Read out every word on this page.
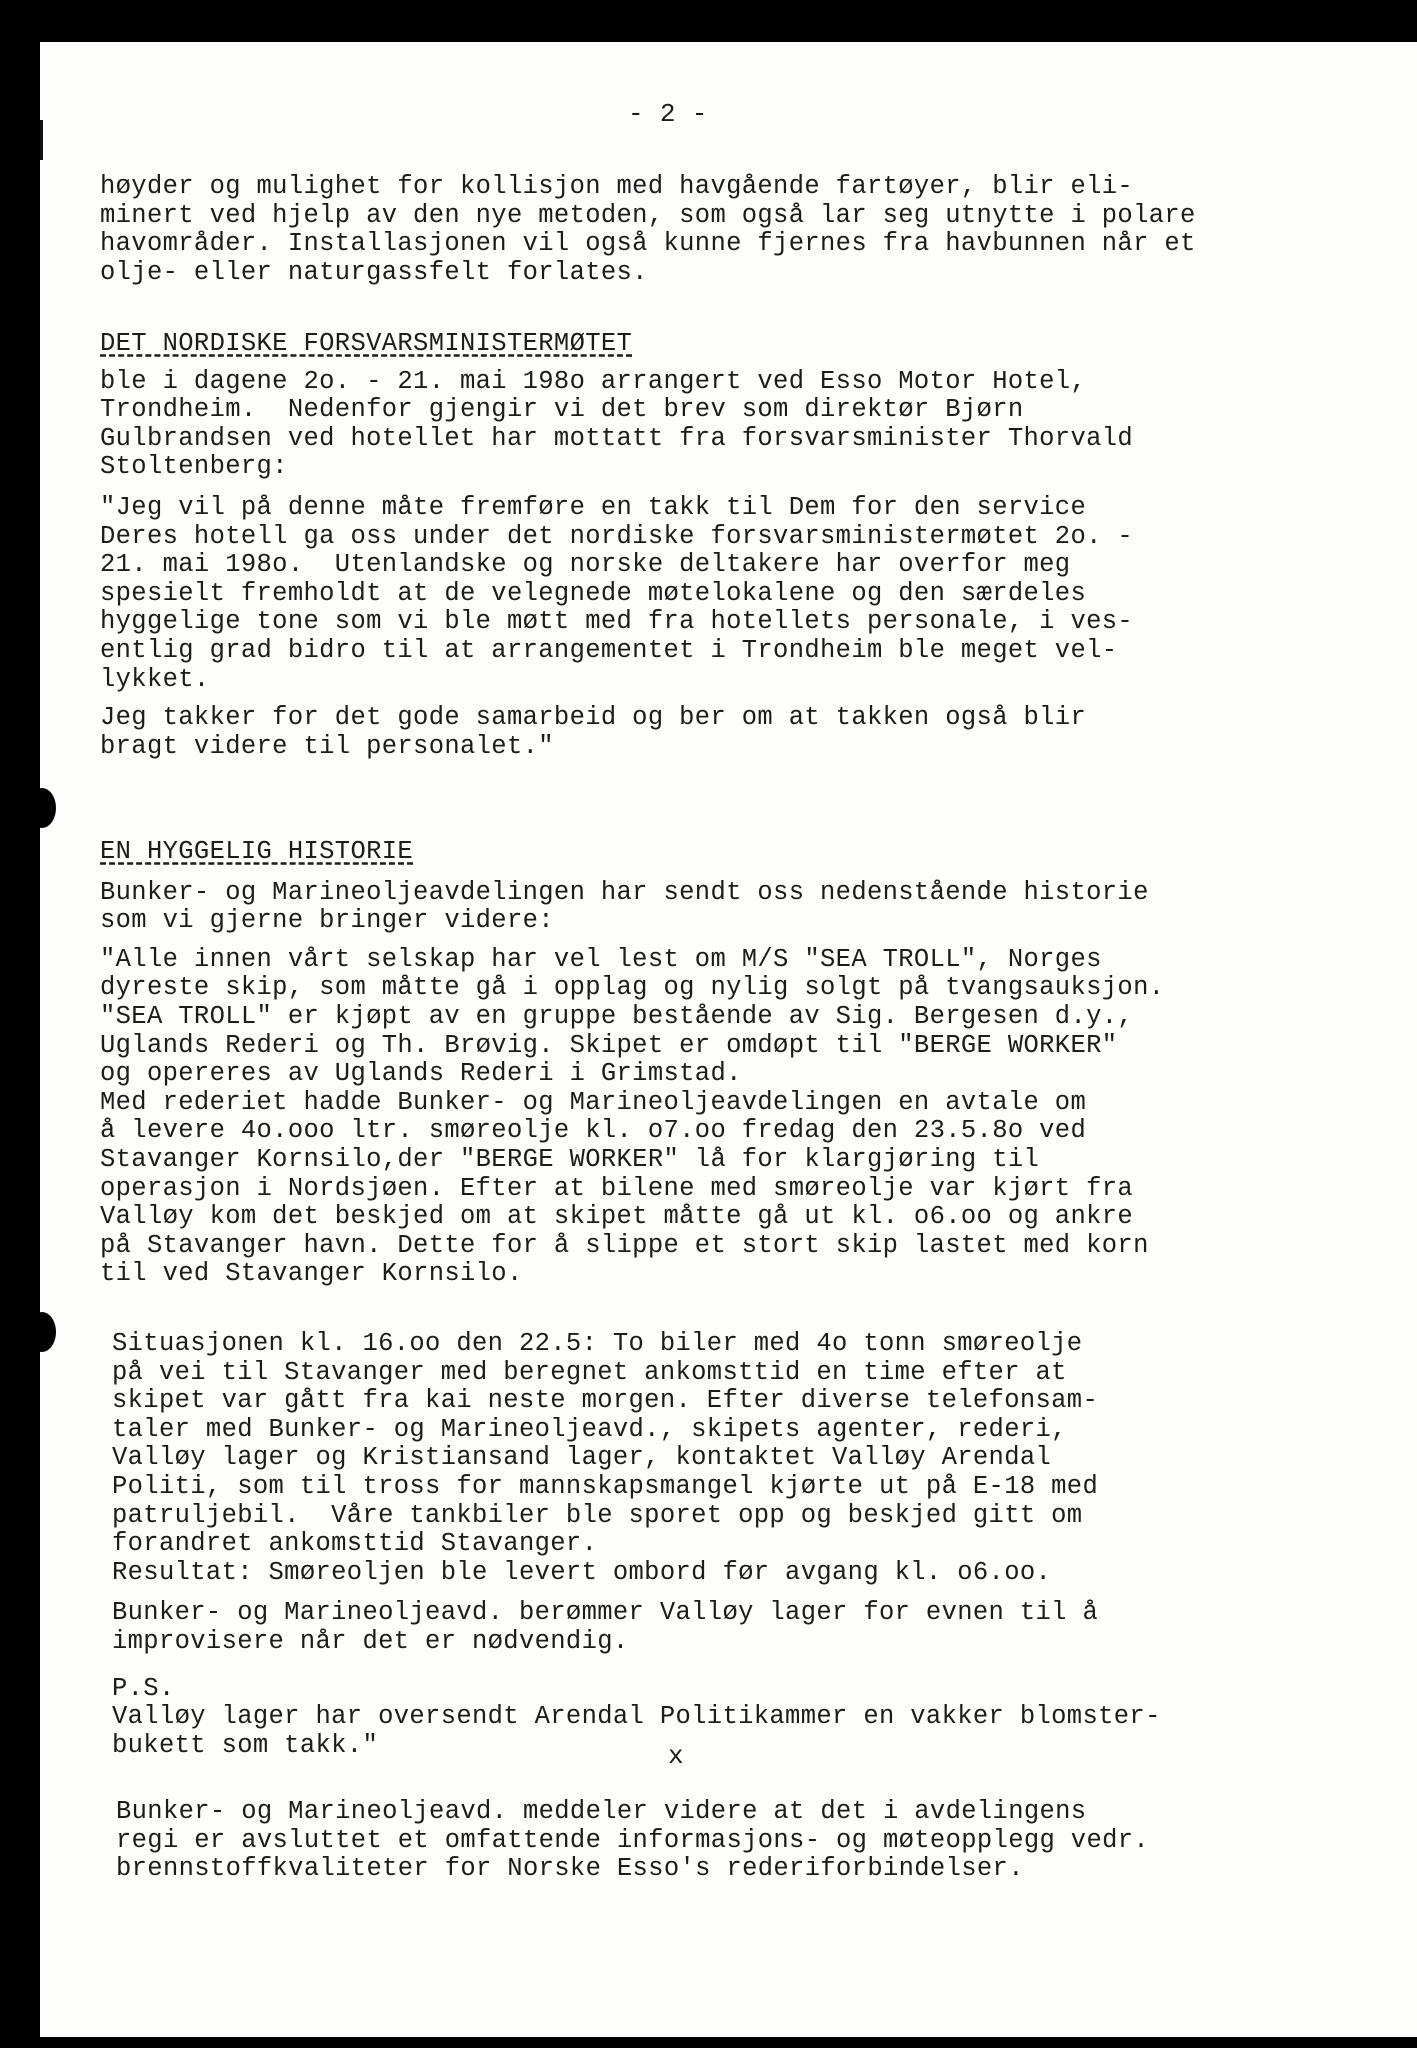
- 2 -
høyder og mulighet for kollisjon med havgående fartøyer, blir eli-
minert ved hjelp av den nye metoden, som også lar seg utnytte i polare
havområder. Installasjonen vil også kunne fjernes fra havbunnen når et
olje- eller naturgassfelt forlates.
DET NORDISKE FORSVARSMINISTERMØTET
ble i dagene 2o. - 21. mai 198o arrangert ved Esso Motor Hotel,
Trondheim.  Nedenfor gjengir vi det brev som direktør Bjørn
Gulbrandsen ved hotellet har mottatt fra forsvarsminister Thorvald
Stoltenberg:
"Jeg vil på denne måte fremføre en takk til Dem for den service
Deres hotell ga oss under det nordiske forsvarsministermøtet 2o. -
21. mai 198o.  Utenlandske og norske deltakere har overfor meg
spesielt fremholdt at de velegnede møtelokalene og den særdeles
hyggelige tone som vi ble møtt med fra hotellets personale, i ves-
entlig grad bidro til at arrangementet i Trondheim ble meget vel-
lykket.
Jeg takker for det gode samarbeid og ber om at takken også blir
bragt videre til personalet."
EN HYGGELIG HISTORIE
Bunker- og Marineoljeavdelingen har sendt oss nedenstående historie
som vi gjerne bringer videre:
"Alle innen vårt selskap har vel lest om M/S "SEA TROLL", Norges
dyreste skip, som måtte gå i opplag og nylig solgt på tvangsauksjon.
"SEA TROLL" er kjøpt av en gruppe bestående av Sig. Bergesen d.y.,
Uglands Rederi og Th. Brøvig. Skipet er omdøpt til "BERGE WORKER"
og opereres av Uglands Rederi i Grimstad.
Med rederiet hadde Bunker- og Marineoljeavdelingen en avtale om
å levere 4o.ooo ltr. smøreolje kl. o7.oo fredag den 23.5.8o ved
Stavanger Kornsilo,der "BERGE WORKER" lå for klargjøring til
operasjon i Nordsjøen. Efter at bilene med smøreolje var kjørt fra
Valløy kom det beskjed om at skipet måtte gå ut kl. o6.oo og ankre
på Stavanger havn. Dette for å slippe et stort skip lastet med korn
til ved Stavanger Kornsilo.
Situasjonen kl. 16.oo den 22.5: To biler med 4o tonn smøreolje
på vei til Stavanger med beregnet ankomsttid en time efter at
skipet var gått fra kai neste morgen. Efter diverse telefonsam-
taler med Bunker- og Marineoljeavd., skipets agenter, rederi,
Valløy lager og Kristiansand lager, kontaktet Valløy Arendal
Politi, som til tross for mannskapsmangel kjørte ut på E-18 med
patruljebil.  Våre tankbiler ble sporet opp og beskjed gitt om
forandret ankomsttid Stavanger.
Resultat: Smøreoljen ble levert ombord før avgang kl. o6.oo.
Bunker- og Marineoljeavd. berømmer Valløy lager for evnen til å
improvisere når det er nødvendig.
P.S.
Valløy lager har oversendt Arendal Politikammer en vakker blomster-
bukett som takk."	x
Bunker- og Marineoljeavd. meddeler videre at det i avdelingens
regi er avsluttet et omfattende informasjons- og møteopplegg vedr.
brennstoffkvaliteter for Norske Esso's rederiforbindelser.
